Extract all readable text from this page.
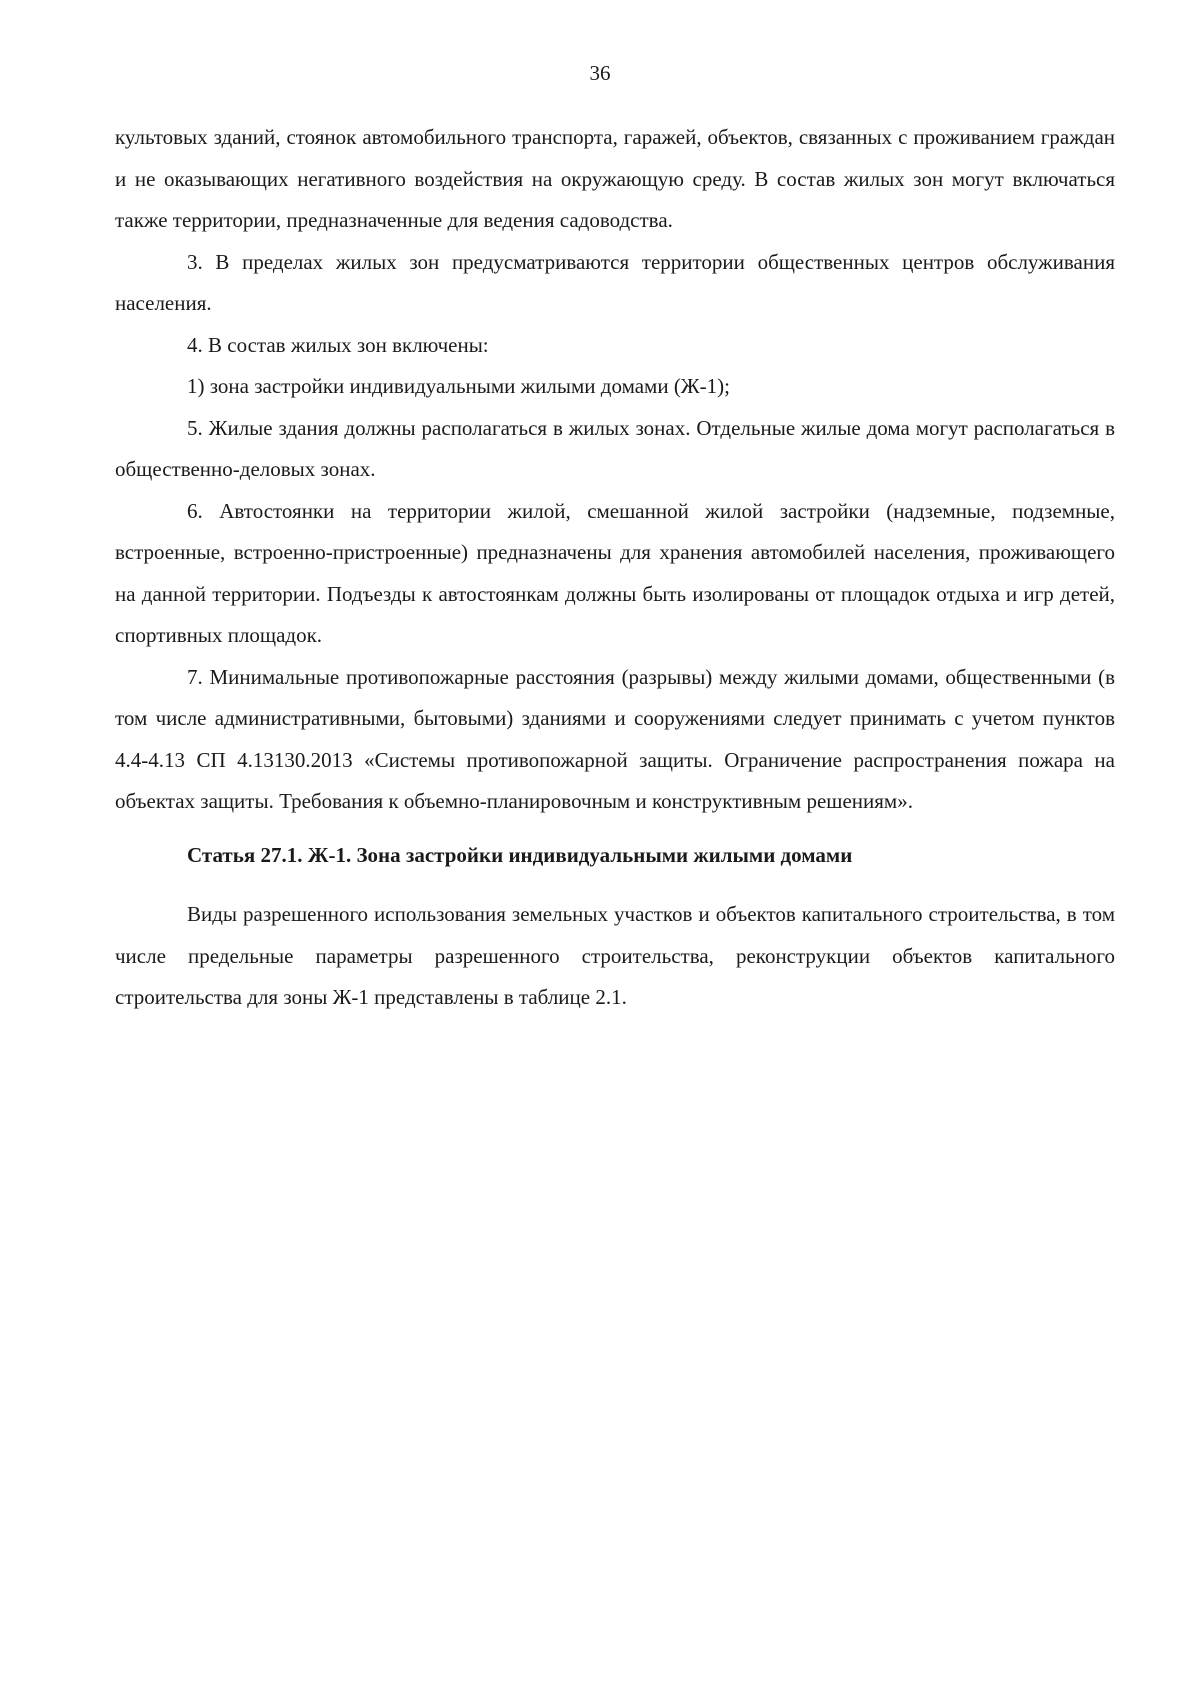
36

культовых зданий, стоянок автомобильного транспорта, гаражей, объектов, связанных с проживанием граждан и не оказывающих негативного воздействия на окружающую среду. В состав жилых зон могут включаться также территории, предназначенные для ведения садоводства.

3. В пределах жилых зон предусматриваются территории общественных центров обслуживания населения.

4. В состав жилых зон включены:

1) зона застройки индивидуальными жилыми домами (Ж-1);

5. Жилые здания должны располагаться в жилых зонах. Отдельные жилые дома могут располагаться в общественно-деловых зонах.

6. Автостоянки на территории жилой, смешанной жилой застройки (надземные, подземные, встроенные, встроенно-пристроенные) предназначены для хранения автомобилей населения, проживающего на данной территории. Подъезды к автостоянкам должны быть изолированы от площадок отдыха и игр детей, спортивных площадок.

7. Минимальные противопожарные расстояния (разрывы) между жилыми домами, общественными (в том числе административными, бытовыми) зданиями и сооружениями следует принимать с учетом пунктов 4.4-4.13 СП 4.13130.2013 «Системы противопожарной защиты. Ограничение распространения пожара на объектах защиты. Требования к объемно-планировочным и конструктивным решениям».

Статья 27.1. Ж-1. Зона застройки индивидуальными жилыми домами

Виды разрешенного использования земельных участков и объектов капитального строительства, в том числе предельные параметры разрешенного строительства, реконструкции объектов капитального строительства для зоны Ж-1 представлены в таблице 2.1.
